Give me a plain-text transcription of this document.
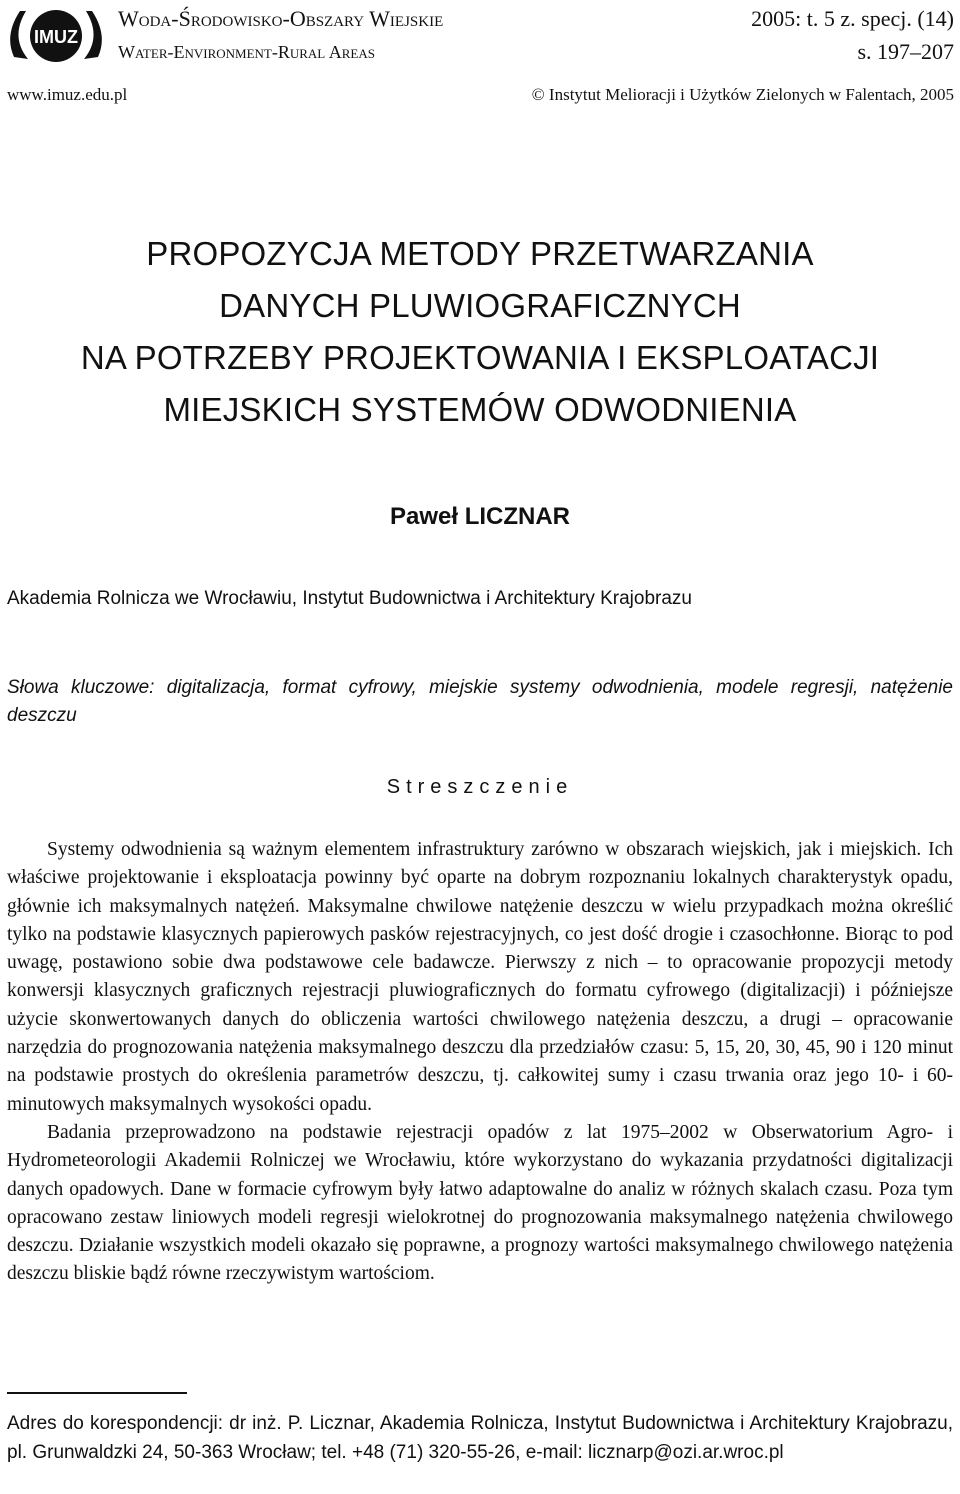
IMUZ
Woda-Środowisko-Obszary Wiejskie
Water-Environment-Rural Areas
2005: t. 5 z. specj. (14)
s. 197–207
www.imuz.edu.pl	© Instytut Melioracji i Użytków Zielonych w Falentach, 2005
PROPOZYCJA METODY PRZETWARZANIA
DANYCH PLUWIOGRAFICZNYCH
NA POTRZEBY PROJEKTOWANIA I EKSPLOATACJI
MIEJSKICH SYSTEMÓW ODWODNIENIA
Paweł LICZNAR
Akademia Rolnicza we Wrocławiu, Instytut Budownictwa i Architektury Krajobrazu
Słowa kluczowe: digitalizacja, format cyfrowy, miejskie systemy odwodnienia, modele regresji, natężenie deszczu
Streszczenie

Systemy odwodnienia są ważnym elementem infrastruktury zarówno w obszarach wiejskich, jak i miejskich. Ich właściwe projektowanie i eksploatacja powinny być oparte na dobrym rozpoznaniu lokalnych charakterystyk opadu, głównie ich maksymalnych natężeń. Maksymalne chwilowe natężenie deszczu w wielu przypadkach można określić tylko na podstawie klasycznych papierowych pasków rejestracyjnych, co jest dość drogie i czasochłonne. Biorąc to pod uwagę, postawiono sobie dwa podstawowe cele badawcze. Pierwszy z nich – to opracowanie propozycji metody konwersji klasycznych graficznych rejestracji pluwiograficznych do formatu cyfrowego (digitalizacji) i późniejsze użycie skonwertowanych danych do obliczenia wartości chwilowego natężenia deszczu, a drugi – opracowanie narzędzia do prognozowania natężenia maksymalnego deszczu dla przedziałów czasu: 5, 15, 20, 30, 45, 90 i 120 minut na podstawie prostych do określenia parametrów deszczu, tj. całkowitej sumy i czasu trwania oraz jego 10- i 60-minutowych maksymalnych wysokości opadu.

Badania przeprowadzono na podstawie rejestracji opadów z lat 1975–2002 w Obserwatorium Agro- i Hydrometeorologii Akademii Rolniczej we Wrocławiu, które wykorzystano do wykazania przydatności digitalizacji danych opadowych. Dane w formacie cyfrowym były łatwo adaptowalne do analiz w różnych skalach czasu. Poza tym opracowano zestaw liniowych modeli regresji wielokrotnej do prognozowania maksymalnego natężenia chwilowego deszczu. Działanie wszystkich modeli okazało się poprawne, a prognozy wartości maksymalnego chwilowego natężenia deszczu bliskie bądź równe rzeczywistym wartościom.

Adres do korespondencji: dr inż. P. Licznar, Akademia Rolnicza, Instytut Budownictwa i Architektury Krajobrazu, pl. Grunwaldzki 24, 50-363 Wrocław; tel. +48 (71) 320-55-26, e-mail: licznarp@ozi.ar.wroc.pl
